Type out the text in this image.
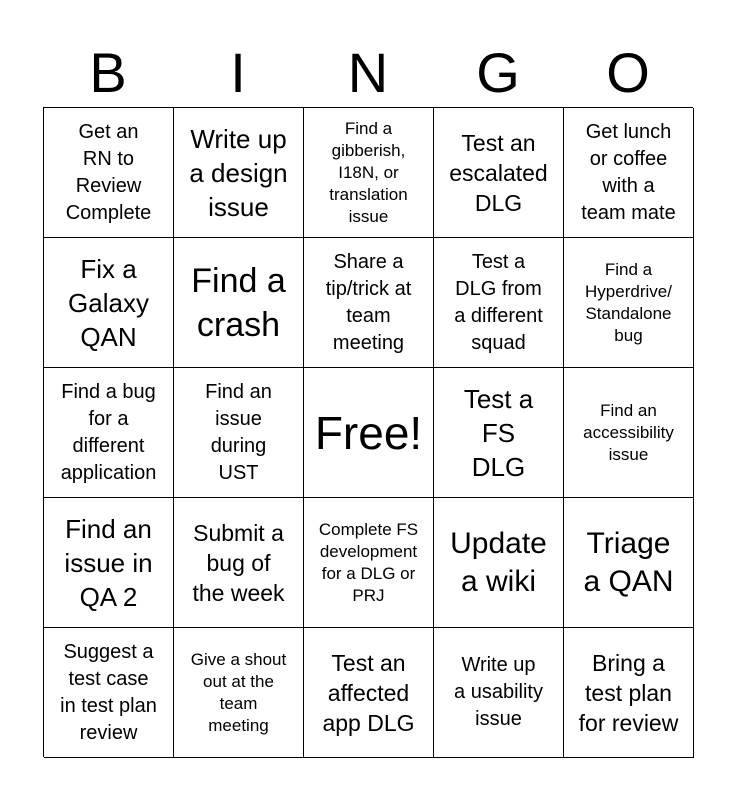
B	I	N	G	O
Get an
RN to
Review
Complete
Write up
a design
issue
Find a
gibberish,
I18N, or
translation
issue
Test an
escalated
DLG
Get lunch
or coffee
with a
team mate
Fix a
Galaxy
QAN
Find a
crash
Share a
tip/trick at
team
meeting
Test a
DLG from
a different
squad
Find a
Hyperdrive/
Standalone
bug
Find a bug
for a
different
application
Find an
issue
during
UST
Free!
Test a
FS
DLG
Find an
accessibility
issue
Find an
issue in
QA 2
Submit a
bug of
the week
Complete FS
development
for a DLG or
PRJ
Update
a wiki
Triage
a QAN
Suggest a
test case
in test plan
review
Give a shout
out at the
team
meeting
Test an
affected
app DLG
Write up
a usability
issue
Bring a
test plan
for review
